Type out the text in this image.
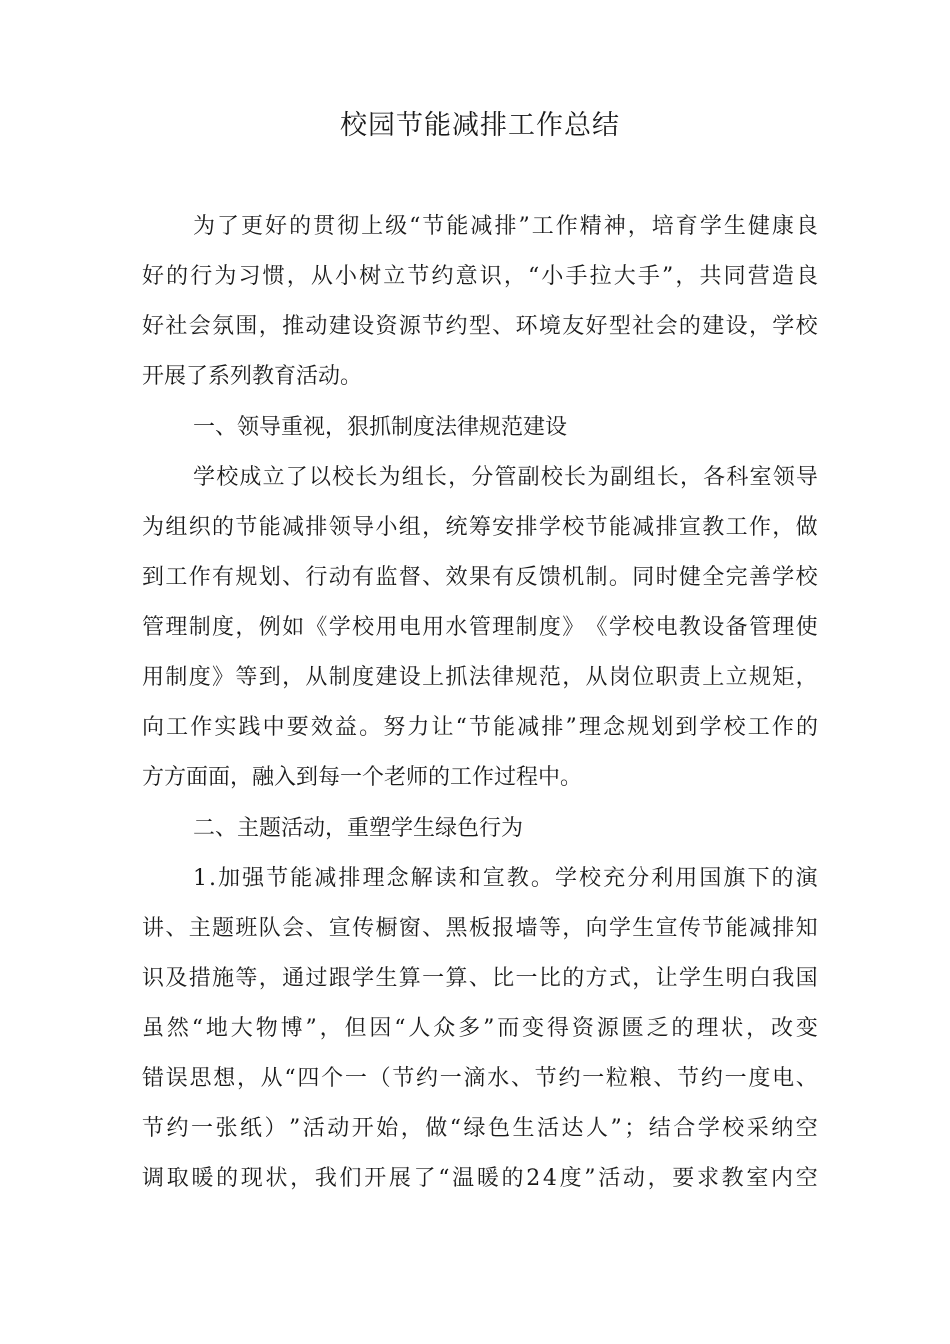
校园节能减排工作总结
为 了 更 好 的 贯 彻 上 级 “ 节 能 减 排 ” 工 作 精 神 ， 培 育 学 生 健 康 良
好 的 行 为 习 惯 ， 从 小 树 立 节 约 意 识 ， “ 小 手 拉 大 手 ” ， 共 同 营 造 良
好 社 会 氛 围 ， 推 动 建 设 资 源 节 约 型 、 环 境 友 好 型 社 会 的 建 设 ， 学 校
开展了系列教育活动。
一、领导重视，狠抓制度法律规范建设
学 校 成 立 了 以 校 长 为 组 长 ， 分 管 副 校 长 为 副 组 长 ， 各 科 室 领 导
为 组 织 的 节 能 减 排 领 导 小 组 ， 统 筹 安 排 学 校 节 能 减 排 宣 教 工 作 ， 做
到 工 作 有 规 划 、 行 动 有 监 督 、 效 果 有 反 馈 机 制 。 同 时 健 全 完 善 学 校
管 理 制 度 ， 例 如 《 学 校 用 电 用 水 管 理 制 度 》 《 学 校 电 教 设 备 管 理 使
用 制 度 》 等 到 ， 从 制 度 建 设 上 抓 法 律 规 范 ， 从 岗 位 职 责 上 立 规 矩 ，
向 工 作 实 践 中 要 效 益 。 努 力 让 “ 节 能 减 排 ” 理 念 规 划 到 学 校 工 作 的
方方面面，融入到每一个老师的工作过程中。
二、主题活动，重塑学生绿色行为
1 . 加 强 节 能 减 排 理 念 解 读 和 宣 教 。 学 校 充 分 利 用 国 旗 下 的 演
讲 、 主 题 班 队 会 、 宣 传 橱 窗 、 黑 板 报 墙 等 ， 向 学 生 宣 传 节 能 减 排 知
识 及 措 施 等 ， 通 过 跟 学 生 算 一 算 、 比 一 比 的 方 式 ， 让 学 生 明 白 我 国
虽 然 “ 地 大 物 博 ” ， 但 因 “ 人 众 多 ” 而 变 得 资 源 匮 乏 的 理 状 ， 改 变
错 误 思 想 ， 从 “ 四 个 一 （ 节 约 一 滴 水 、 节 约 一 粒 粮 、 节 约 一 度 电 、
节 约 一 张 纸 ） ” 活 动 开 始 ， 做 “ 绿 色 生 活 达 人 ” ； 结 合 学 校 采 纳 空
调 取 暖 的 现 状 ， 我 们 开 展 了 “ 温 暖 的 2 4 度 ” 活 动 ， 要 求 教 室 内 空
